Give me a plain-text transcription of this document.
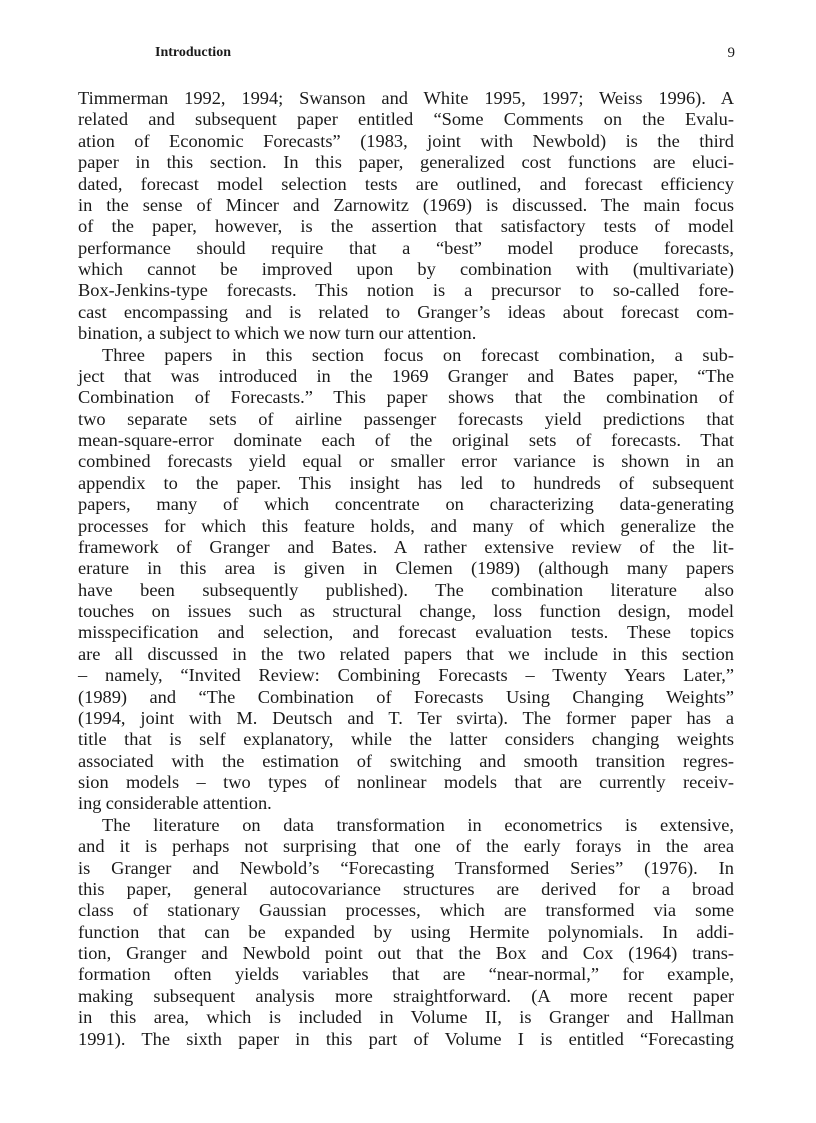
Introduction	9
Timmerman 1992, 1994; Swanson and White 1995, 1997; Weiss 1996). A
related and subsequent paper entitled “Some Comments on the Evalu-
ation of Economic Forecasts” (1983, joint with Newbold) is the third
paper in this section. In this paper, generalized cost functions are eluci-
dated, forecast model selection tests are outlined, and forecast efficiency
in the sense of Mincer and Zarnowitz (1969) is discussed. The main focus
of the paper, however, is the assertion that satisfactory tests of model
performance should require that a “best” model produce forecasts,
which cannot be improved upon by combination with (multivariate)
Box-Jenkins-type forecasts. This notion is a precursor to so-called fore-
cast encompassing and is related to Granger’s ideas about forecast com-
bination, a subject to which we now turn our attention.
Three papers in this section focus on forecast combination, a sub-
ject that was introduced in the 1969 Granger and Bates paper, “The
Combination of Forecasts.” This paper shows that the combination of
two separate sets of airline passenger forecasts yield predictions that
mean-square-error dominate each of the original sets of forecasts. That
combined forecasts yield equal or smaller error variance is shown in an
appendix to the paper. This insight has led to hundreds of subsequent
papers, many of which concentrate on characterizing data-generating
processes for which this feature holds, and many of which generalize the
framework of Granger and Bates. A rather extensive review of the lit-
erature in this area is given in Clemen (1989) (although many papers
have been subsequently published). The combination literature also
touches on issues such as structural change, loss function design, model
misspecification and selection, and forecast evaluation tests. These topics
are all discussed in the two related papers that we include in this section
– namely, “Invited Review: Combining Forecasts – Twenty Years Later,”
(1989) and “The Combination of Forecasts Using Changing Weights”
(1994, joint with M. Deutsch and T. Ter svirta). The former paper has a
title that is self explanatory, while the latter considers changing weights
associated with the estimation of switching and smooth transition regres-
sion models – two types of nonlinear models that are currently receiv-
ing considerable attention.
The literature on data transformation in econometrics is extensive,
and it is perhaps not surprising that one of the early forays in the area
is Granger and Newbold’s “Forecasting Transformed Series” (1976). In
this paper, general autocovariance structures are derived for a broad
class of stationary Gaussian processes, which are transformed via some
function that can be expanded by using Hermite polynomials. In addi-
tion, Granger and Newbold point out that the Box and Cox (1964) trans-
formation often yields variables that are “near-normal,” for example,
making subsequent analysis more straightforward. (A more recent paper
in this area, which is included in Volume II, is Granger and Hallman
1991). The sixth paper in this part of Volume I is entitled “Forecasting
